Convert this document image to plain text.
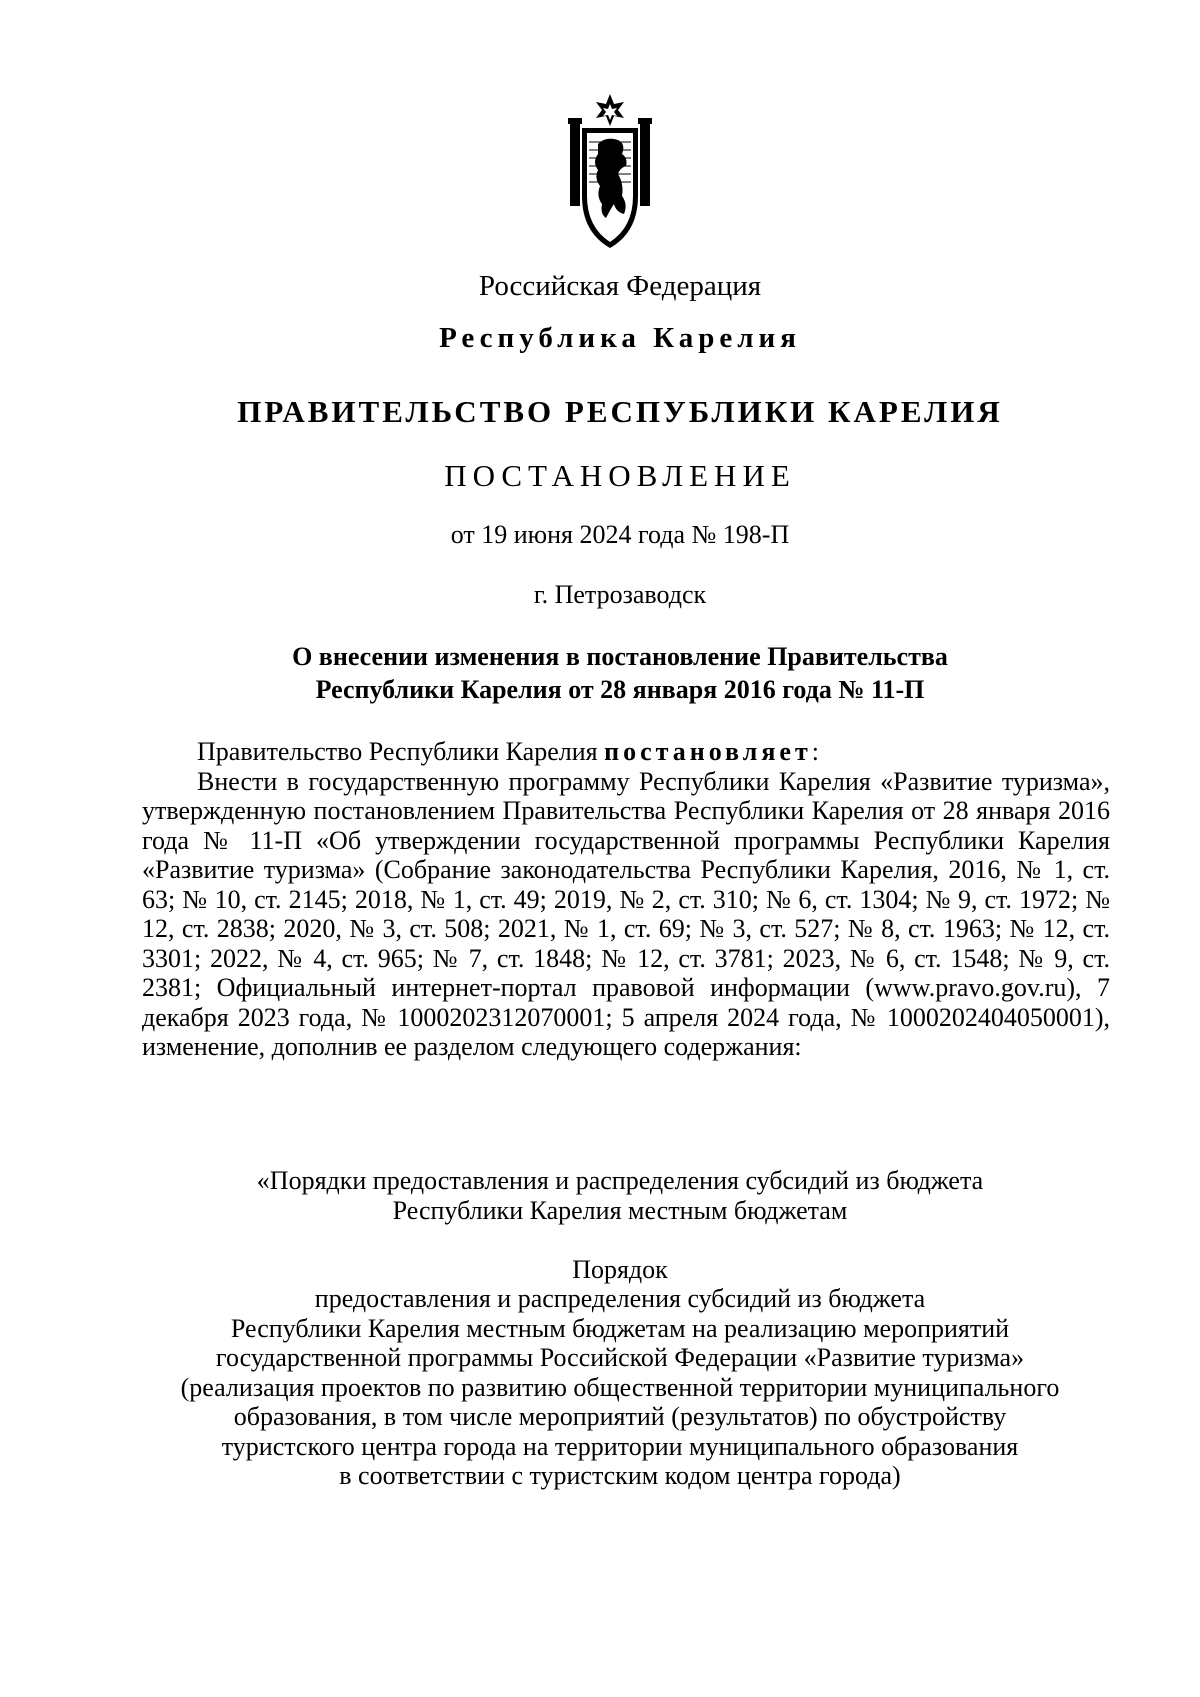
Российская Федерация
Республика Карелия
ПРАВИТЕЛЬСТВО РЕСПУБЛИКИ КАРЕЛИЯ
ПОСТАНОВЛЕНИЕ
от 19 июня 2024 года № 198-П
г. Петрозаводск
О внесении изменения в постановление Правительства
Республики Карелия от 28 января 2016 года № 11-П

Правительство Республики Карелия постановляет:

Внести в государственную программу Республики Карелия «Развитие туризма», утвержденную постановлением Правительства Республики Карелия от 28 января 2016 года № 11-П «Об утверждении государственной программы Республики Карелия «Развитие туризма» (Собрание законодательства Республики Карелия, 2016, № 1, ст. 63; № 10, ст. 2145; 2018, № 1, ст. 49; 2019, № 2, ст. 310; № 6, ст. 1304; № 9, ст. 1972; № 12, ст. 2838; 2020, № 3, ст. 508; 2021, № 1, ст. 69; № 3, ст. 527; № 8, ст. 1963; № 12, ст. 3301; 2022, № 4, ст. 965; № 7, ст. 1848; № 12, ст. 3781; 2023, № 6, ст. 1548; № 9, ст. 2381; Официальный интернет-портал правовой информации (www.pravo.gov.ru), 7 декабря 2023 года, № 1000202312070001; 5 апреля 2024 года, № 1000202404050001), изменение, дополнив ее разделом следующего содержания:

«Порядки предоставления и распределения субсидий из бюджета
Республики Карелия местным бюджетам
Порядок
предоставления и распределения субсидий из бюджета
Республики Карелия местным бюджетам на реализацию мероприятий
государственной программы Российской Федерации «Развитие туризма»
(реализация проектов по развитию общественной территории муниципального
образования, в том числе мероприятий (результатов) по обустройству
туристского центра города на территории муниципального образования
в соответствии с туристским кодом центра города)
